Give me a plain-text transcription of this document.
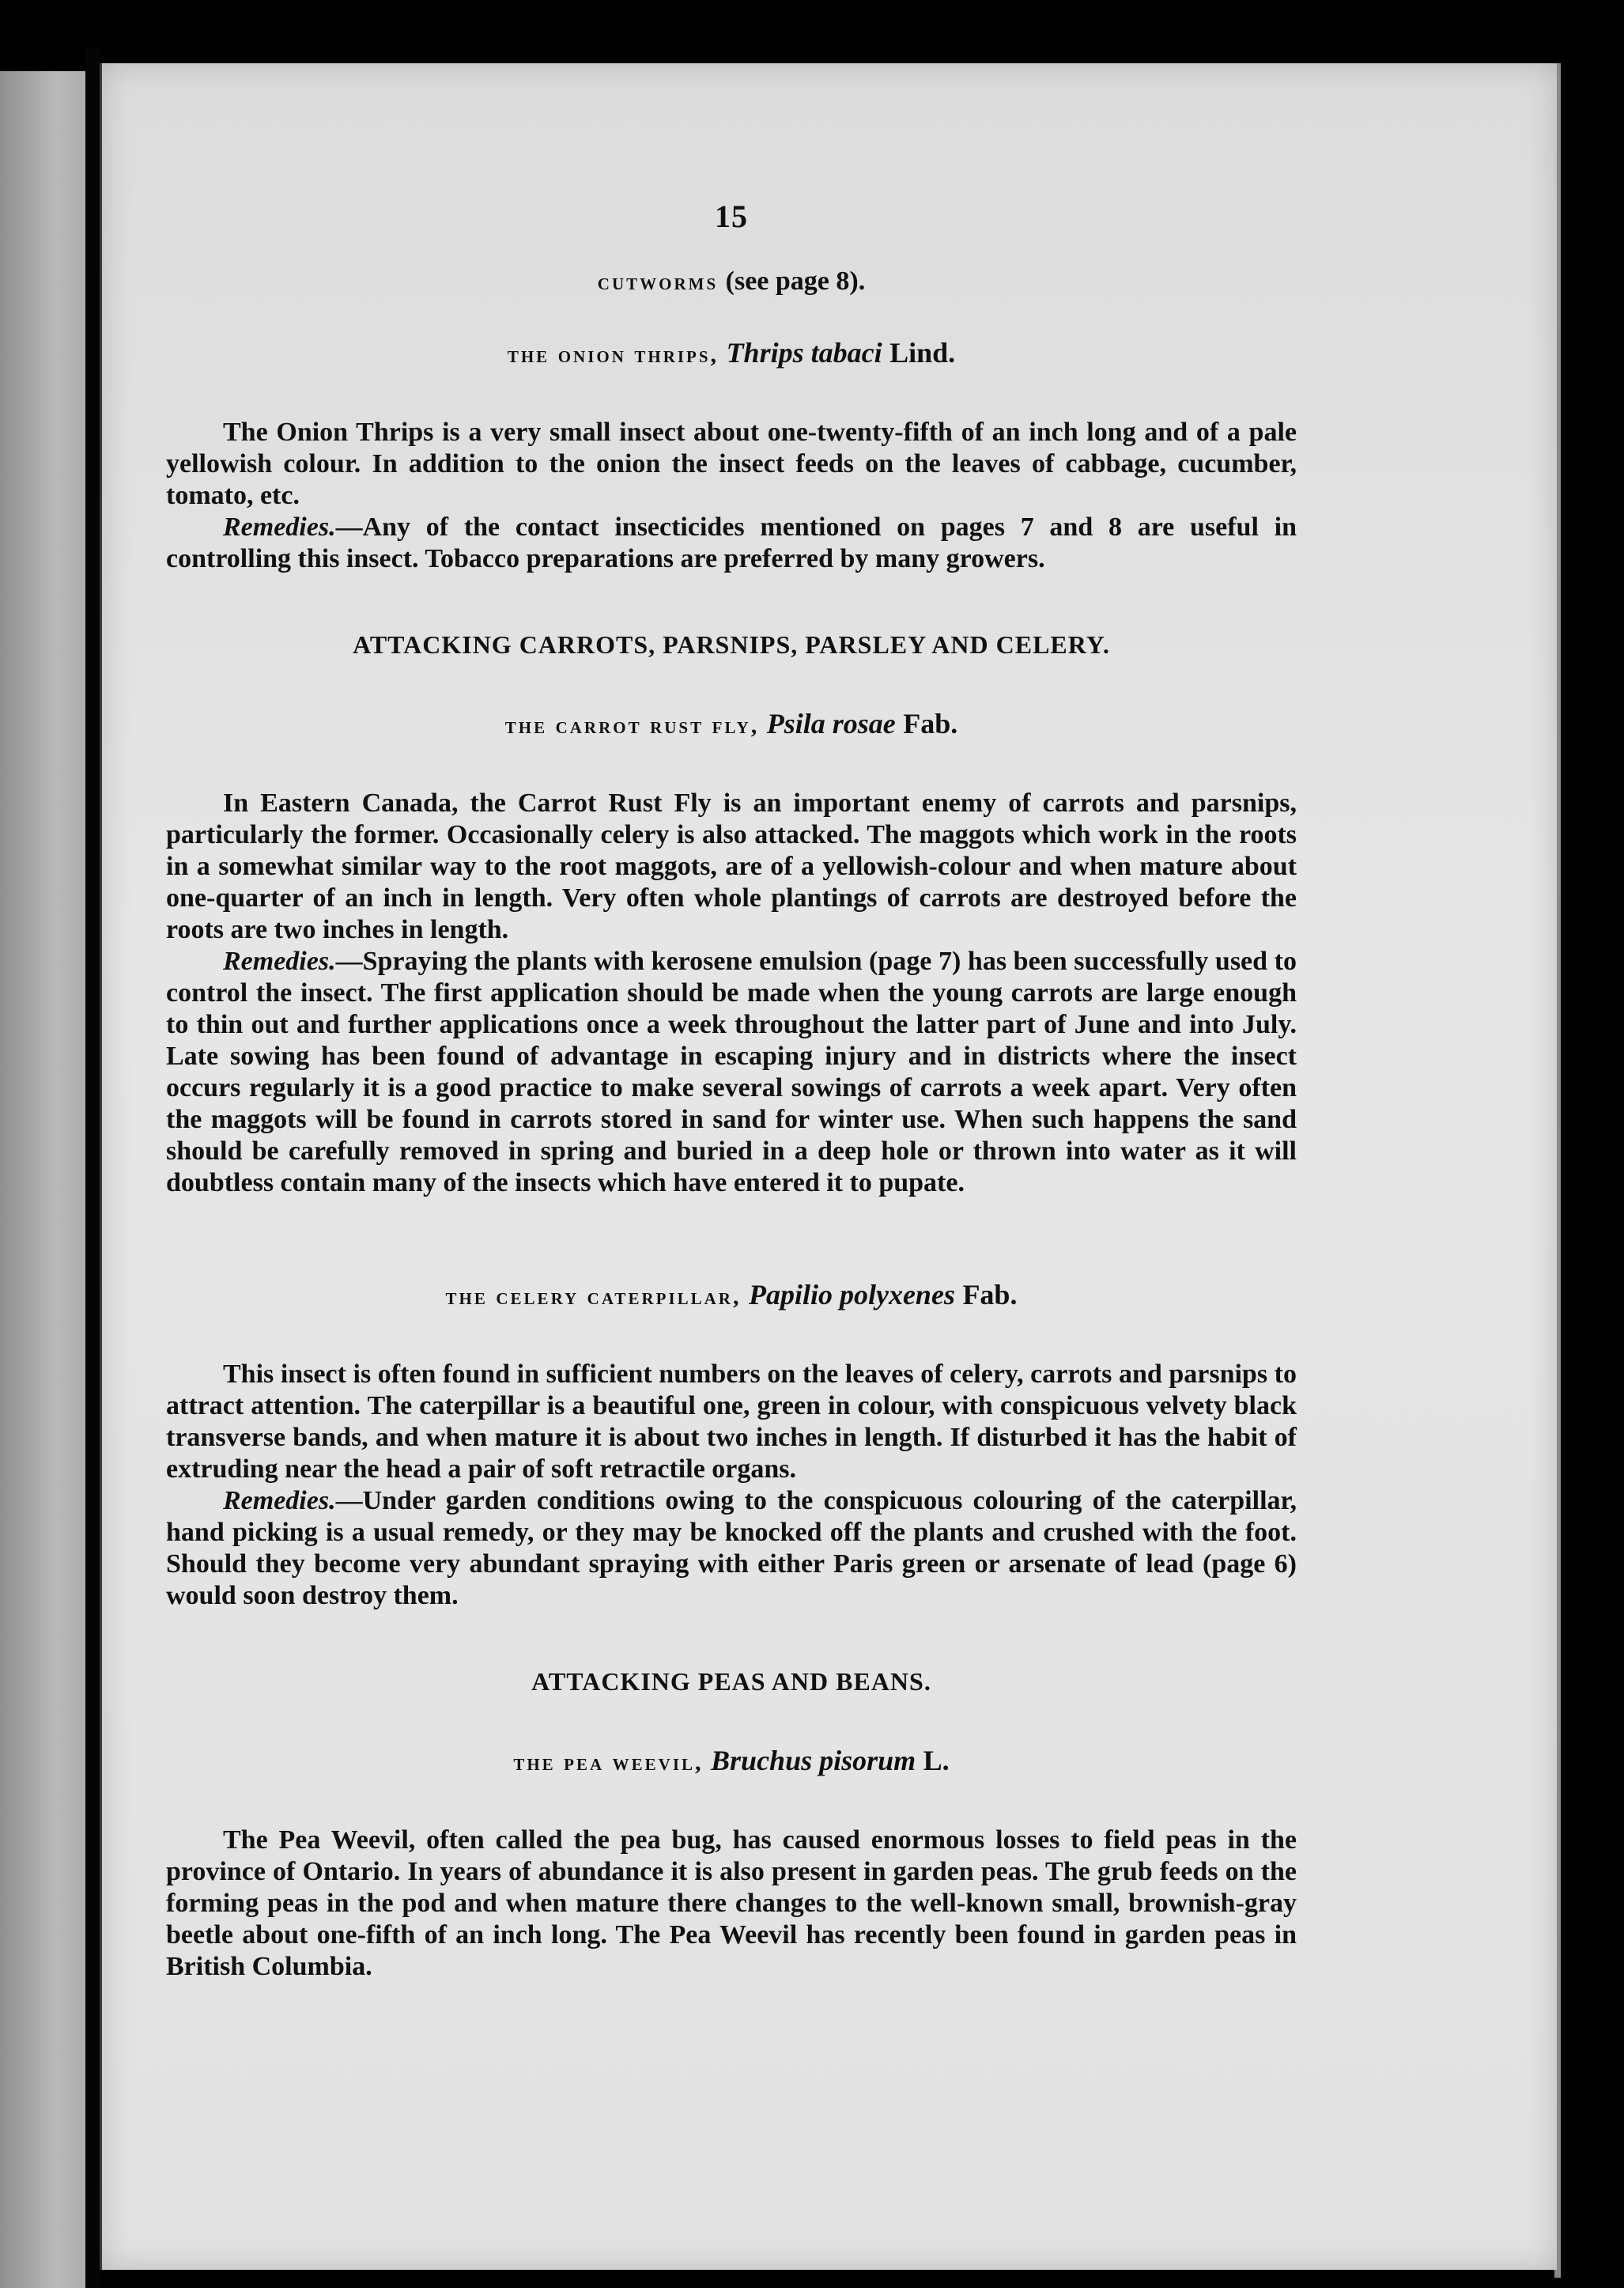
15
cutworms (see page 8).
the onion thrips, Thrips tabaci Lind.

The Onion Thrips is a very small insect about one-twenty-fifth of an inch long and of a pale yellowish colour. In addition to the onion the insect feeds on the leaves of cabbage, cucumber, tomato, etc.

Remedies.—Any of the contact insecticides mentioned on pages 7 and 8 are useful in controlling this insect. Tobacco preparations are preferred by many growers.

ATTACKING CARROTS, PARSNIPS, PARSLEY AND CELERY.
the carrot rust fly, Psila rosae Fab.

In Eastern Canada, the Carrot Rust Fly is an important enemy of carrots and parsnips, particularly the former. Occasionally celery is also attacked. The maggots which work in the roots in a somewhat similar way to the root maggots, are of a yellowish-colour and when mature about one-quarter of an inch in length. Very often whole plantings of carrots are destroyed before the roots are two inches in length.

Remedies.—Spraying the plants with kerosene emulsion (page 7) has been successfully used to control the insect. The first application should be made when the young carrots are large enough to thin out and further applications once a week throughout the latter part of June and into July. Late sowing has been found of advantage in escaping injury and in districts where the insect occurs regularly it is a good practice to make several sowings of carrots a week apart. Very often the maggots will be found in carrots stored in sand for winter use. When such happens the sand should be carefully removed in spring and buried in a deep hole or thrown into water as it will doubtless contain many of the insects which have entered it to pupate.

the celery caterpillar, Papilio polyxenes Fab.

This insect is often found in sufficient numbers on the leaves of celery, carrots and parsnips to attract attention. The caterpillar is a beautiful one, green in colour, with conspicuous velvety black transverse bands, and when mature it is about two inches in length. If disturbed it has the habit of extruding near the head a pair of soft retractile organs.

Remedies.—Under garden conditions owing to the conspicuous colouring of the caterpillar, hand picking is a usual remedy, or they may be knocked off the plants and crushed with the foot. Should they become very abundant spraying with either Paris green or arsenate of lead (page 6) would soon destroy them.

ATTACKING PEAS AND BEANS.
the pea weevil, Bruchus pisorum L.

The Pea Weevil, often called the pea bug, has caused enormous losses to field peas in the province of Ontario. In years of abundance it is also present in garden peas. The grub feeds on the forming peas in the pod and when mature there changes to the well-known small, brownish-gray beetle about one-fifth of an inch long. The Pea Weevil has recently been found in garden peas in British Columbia.
